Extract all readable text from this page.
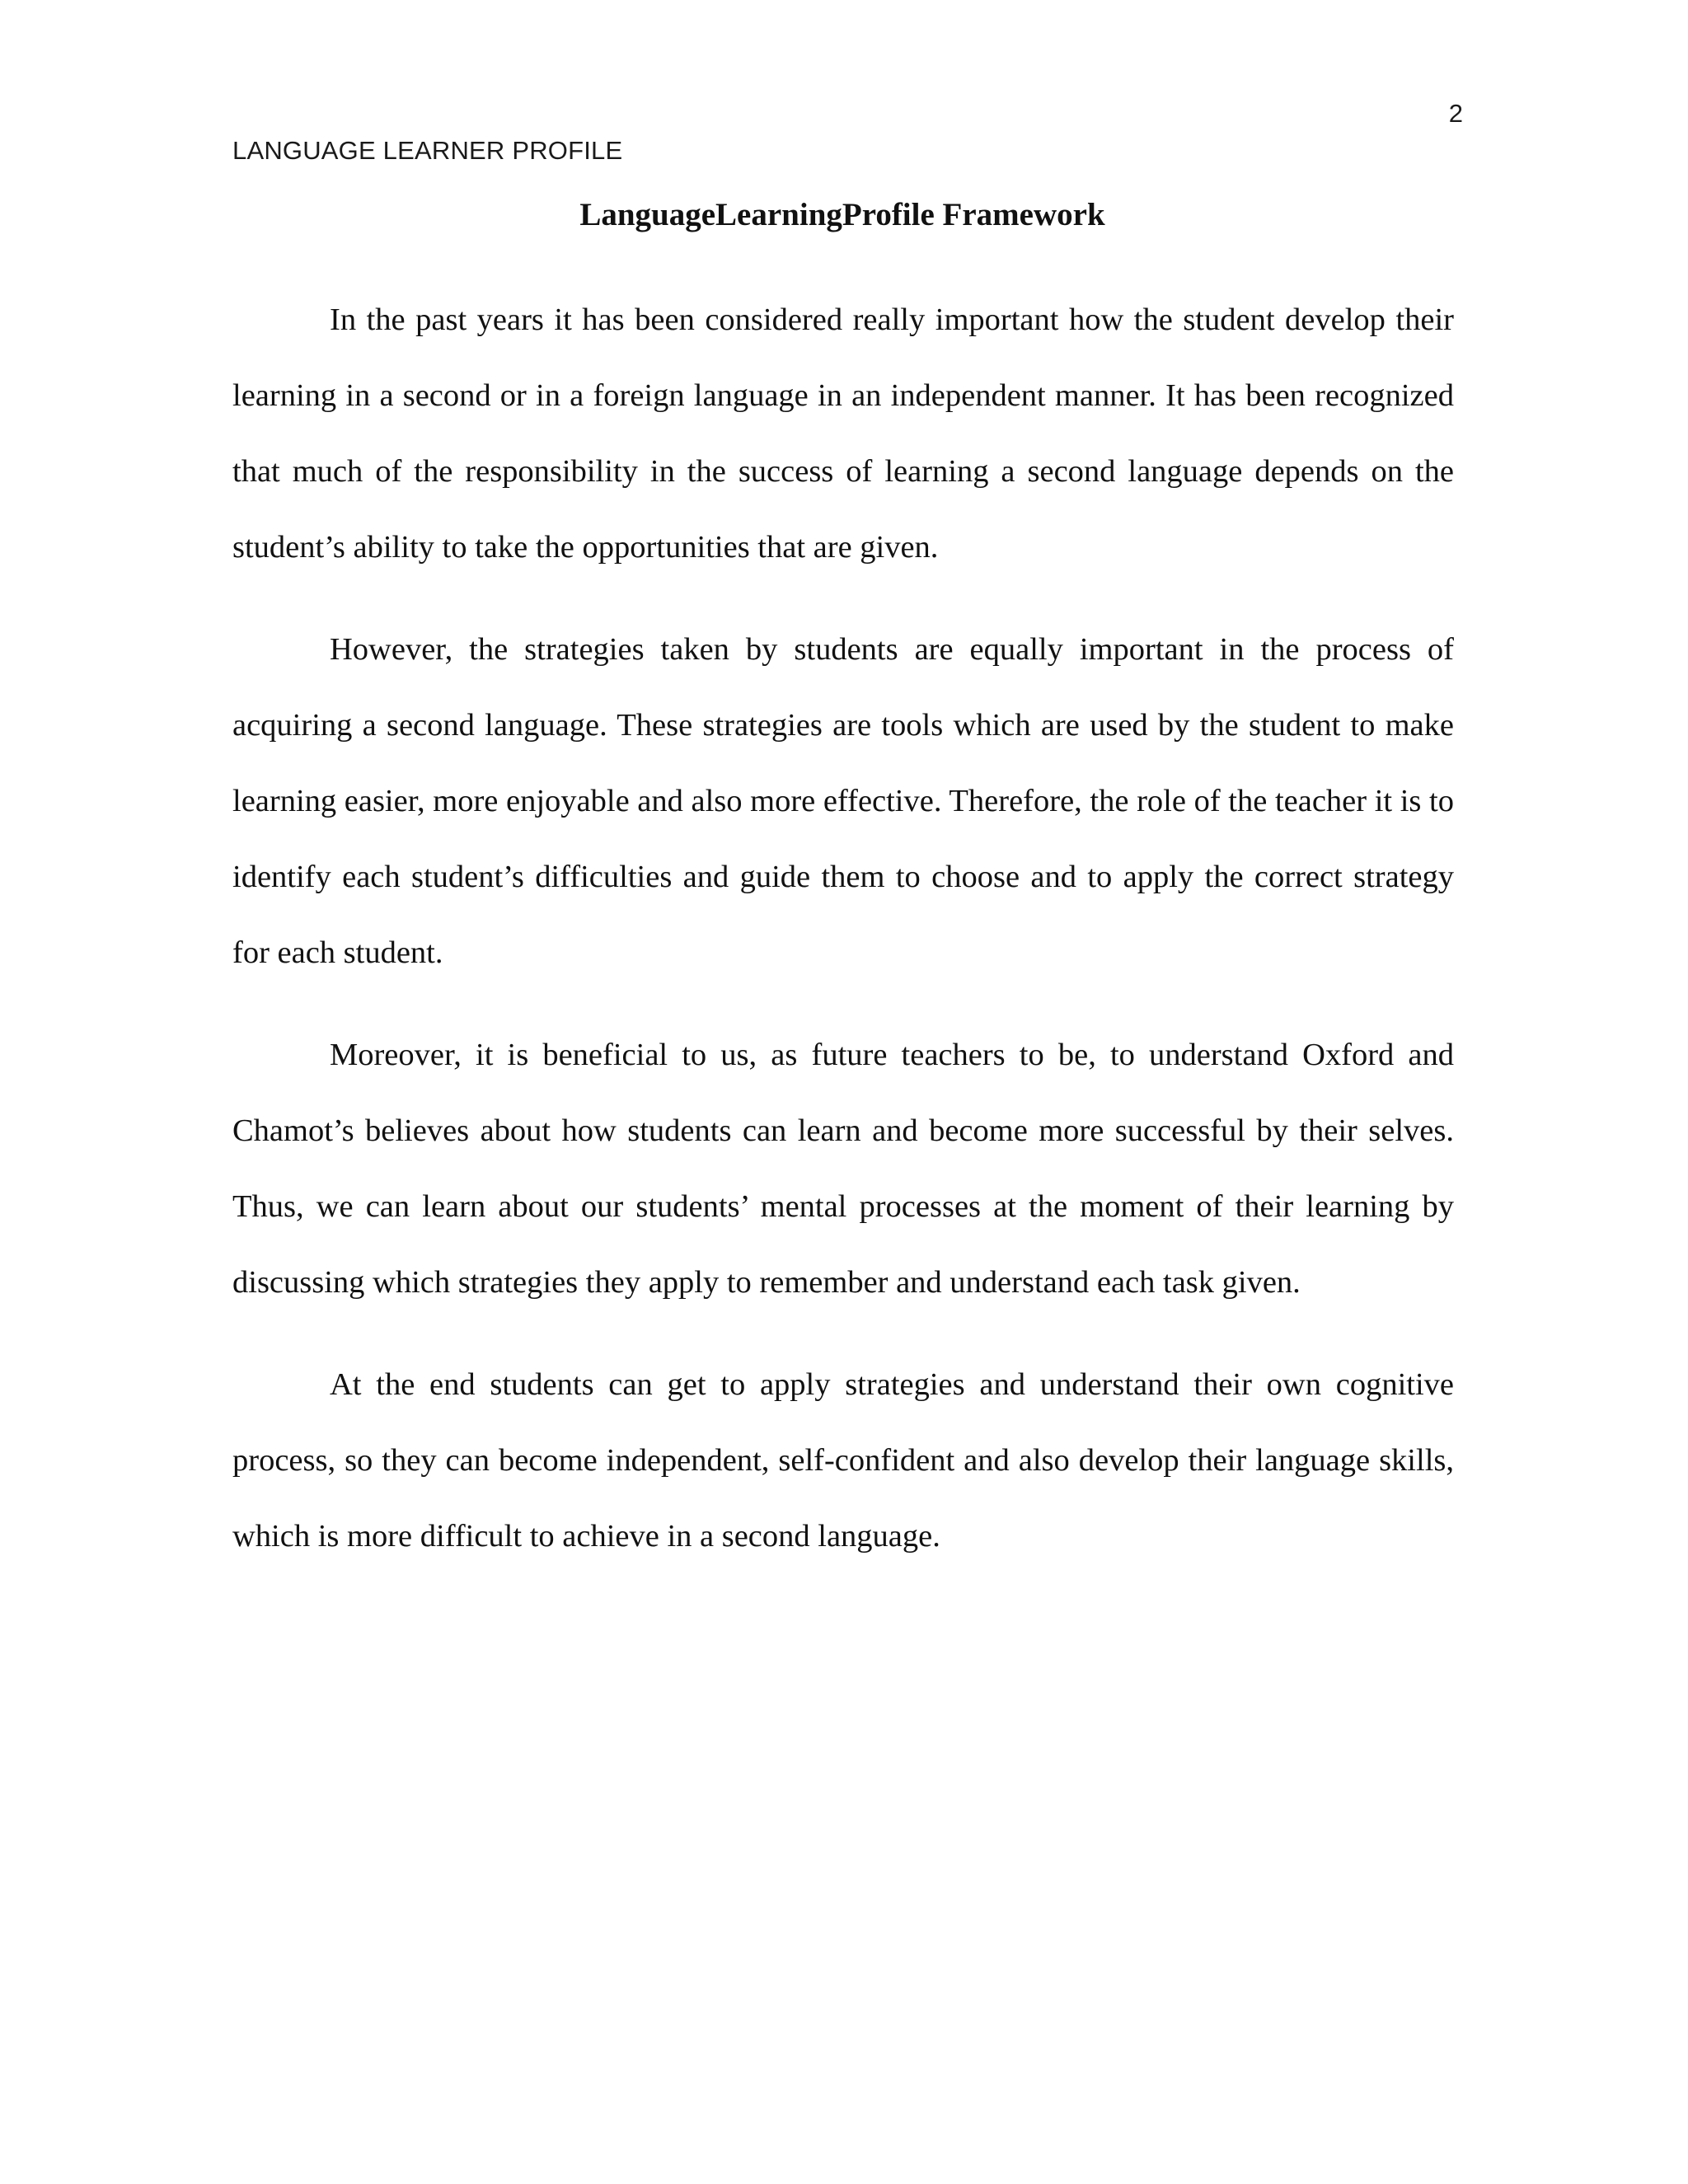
2
LANGUAGE LEARNER PROFILE
LanguageLearningProfile Framework

In the past years it has been considered really important how the student develop their learning in a second or in a foreign language in an independent manner. It has been recognized that much of the responsibility in the success of learning a second language depends on the student’s ability to take the opportunities that are given.

However, the strategies taken by students are equally important in the process of acquiring a second language. These strategies are tools which are used by the student to make learning easier, more enjoyable and also more effective. Therefore, the role of the teacher it is to identify each student’s difficulties and guide them to choose and to apply the correct strategy for each student.

Moreover, it is beneficial to us, as future teachers to be, to understand Oxford and Chamot’s believes about how students can learn and become more successful by their selves. Thus, we can learn about our students’ mental processes at the moment of their learning by discussing which strategies they apply to remember and understand each task given.

At the end students can get to apply strategies and understand their own cognitive process, so they can become independent, self-confident and also develop their language skills, which is more difficult to achieve in a second language.
